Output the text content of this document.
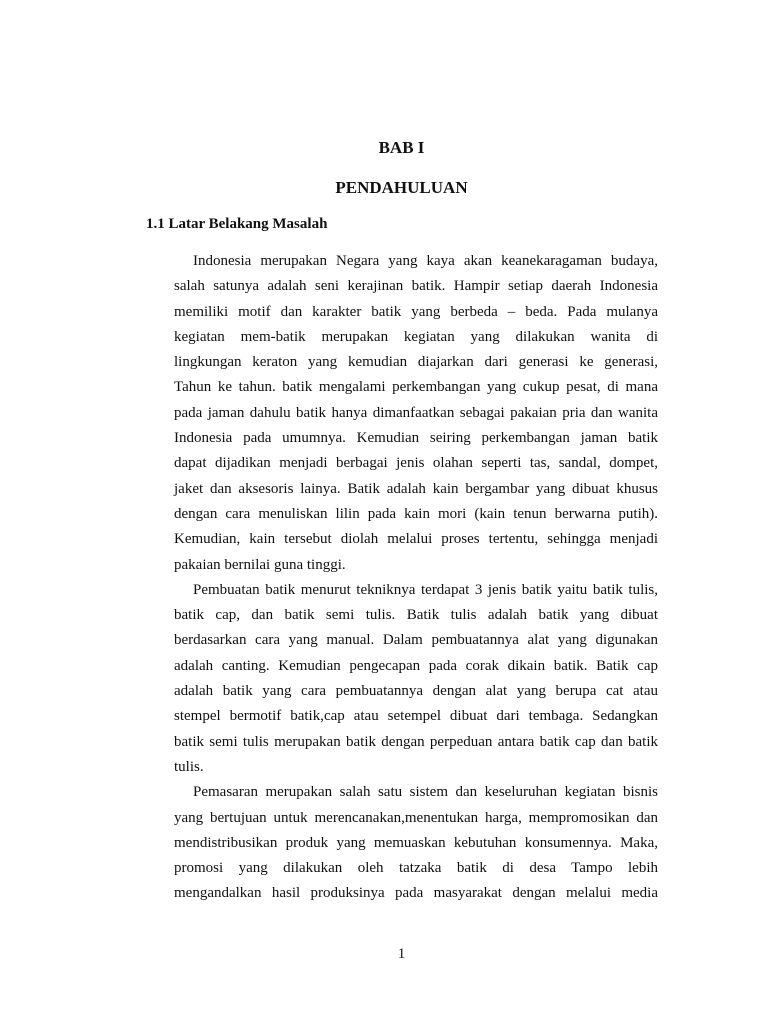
BAB I
PENDAHULUAN
1.1 Latar Belakang Masalah
Indonesia merupakan Negara yang kaya akan keanekaragaman budaya,
salah satunya adalah seni kerajinan batik. Hampir setiap daerah Indonesia
memiliki motif dan karakter batik yang berbeda – beda. Pada mulanya
kegiatan mem-batik merupakan kegiatan yang dilakukan wanita di
lingkungan keraton yang kemudian diajarkan dari generasi ke generasi,
Tahun ke tahun. batik mengalami perkembangan yang cukup pesat, di mana
pada jaman dahulu batik hanya dimanfaatkan sebagai pakaian pria dan wanita
Indonesia pada umumnya. Kemudian seiring perkembangan jaman batik
dapat dijadikan menjadi berbagai jenis olahan seperti tas, sandal, dompet,
jaket dan aksesoris lainya. Batik adalah kain bergambar yang dibuat khusus
dengan cara menuliskan lilin pada kain mori (kain tenun berwarna putih).
Kemudian, kain tersebut diolah melalui proses tertentu, sehingga menjadi
pakaian bernilai guna tinggi.
Pembuatan batik menurut tekniknya terdapat 3 jenis batik yaitu batik tulis,
batik cap, dan batik semi tulis. Batik tulis adalah batik yang dibuat
berdasarkan cara yang manual. Dalam pembuatannya alat yang digunakan
adalah canting. Kemudian pengecapan pada corak dikain batik. Batik cap
adalah batik yang cara pembuatannya dengan alat yang berupa cat atau
stempel bermotif batik,cap atau setempel dibuat dari tembaga. Sedangkan
batik semi tulis merupakan batik dengan perpeduan antara batik cap dan batik
tulis.
Pemasaran merupakan salah satu sistem dan keseluruhan kegiatan bisnis
yang bertujuan untuk merencanakan,menentukan harga, mempromosikan dan
mendistribusikan produk yang memuaskan kebutuhan konsumennya. Maka,
promosi yang dilakukan oleh tatzaka batik di desa Tampo lebih
mengandalkan hasil produksinya pada masyarakat dengan melalui media
1
